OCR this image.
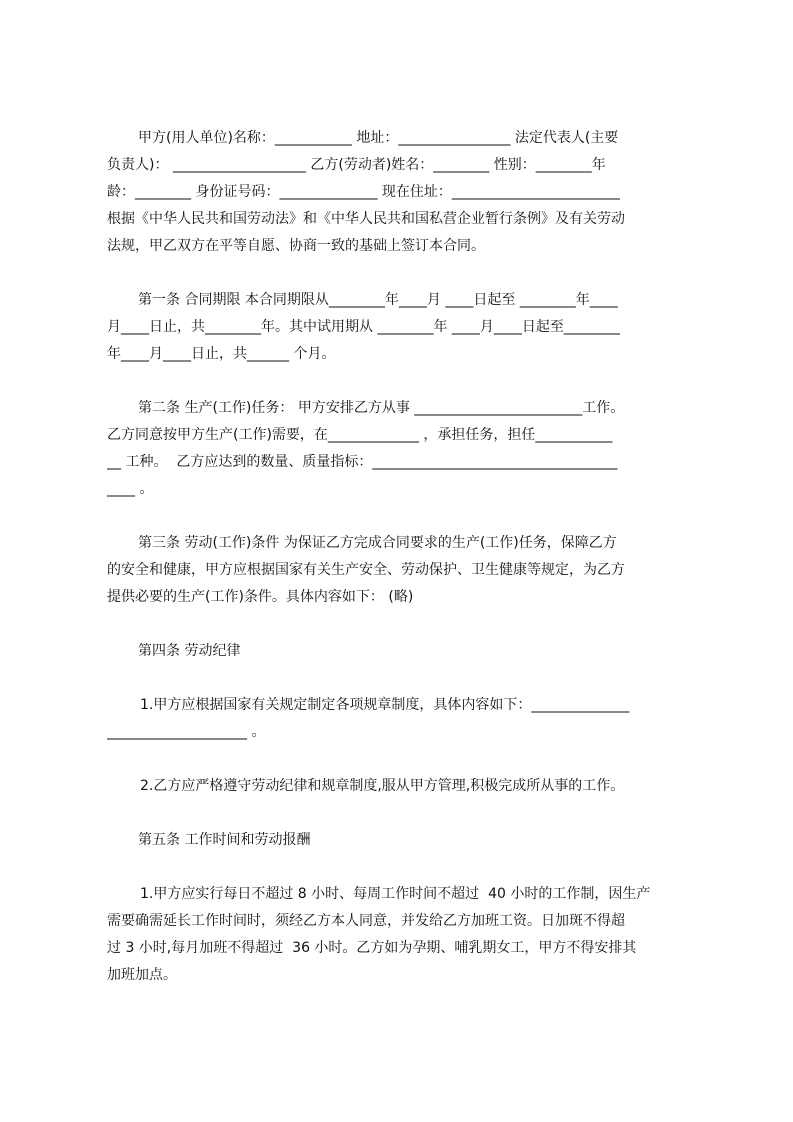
甲方(用人单位)名称：___________ 地址：________________ 法定代表人(主要
负责人)： ___________________ 乙方(劳动者)姓名：________ 性别：________年
龄：________ 身份证号码：______________ 现在住址：________________________
根据《中华人民共和国劳动法》和《中华人民共和国私营企业暂行条例》及有关劳动
法规，甲乙双方在平等自愿、协商一致的基础上签订本合同。
第一条 合同期限 本合同期限从________年____月 ____日起至 ________年____
月____日止，共________年。其中试用期从 ________年 ____月____日起至________
年____月____日止，共______ 个月。
第二条 生产(工作)任务： 甲方安排乙方从事 ________________________工作。
乙方同意按甲方生产(工作)需要，在_____________ ，承担任务，担任___________
__ 工种。  乙方应达到的数量、质量指标：___________________________________
____ 。
第三条 劳动(工作)条件 为保证乙方完成合同要求的生产(工作)任务，保障乙方
的安全和健康，甲方应根据国家有关生产安全、劳动保护、卫生健康等规定，为乙方
提供必要的生产(工作)条件。具体内容如下： (略)
第四条 劳动纪律
1.甲方应根据国家有关规定制定各项规章制度，具体内容如下：______________
____________________ 。
2.乙方应严格遵守劳动纪律和规章制度,服从甲方管理,积极完成所从事的工作。
第五条 工作时间和劳动报酬
1.甲方应实行每日不超过 8 小时、每周工作时间不超过  40 小时的工作制，因生产
需要确需延长工作时间时，须经乙方本人同意，并发给乙方加班工资。日加斑不得超
过 3 小时,每月加班不得超过  36 小时。乙方如为孕期、哺乳期女工，甲方不得安排其
加班加点。
